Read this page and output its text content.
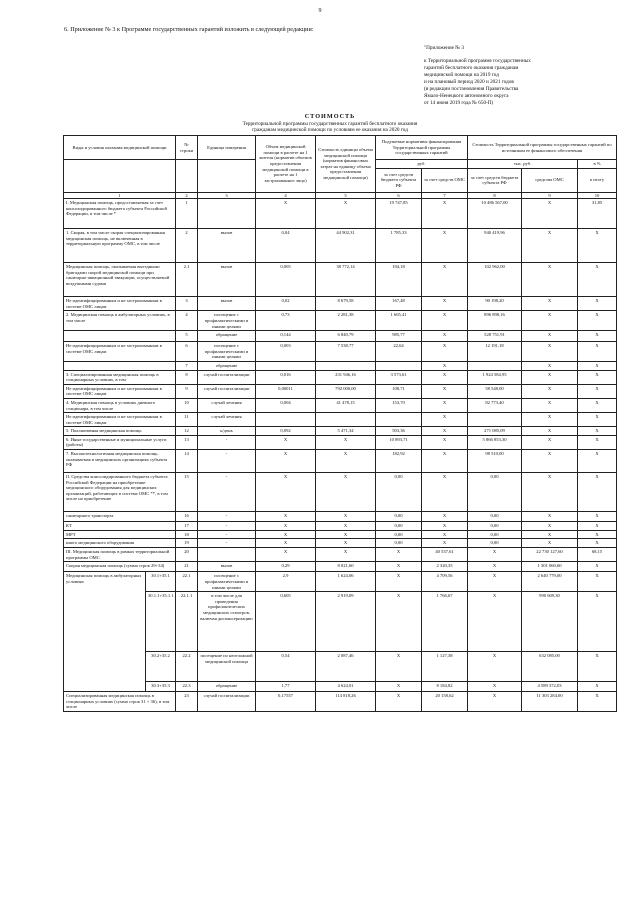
9
6. Приложение № 3 к Программе государственных гарантий изложить в следующей редакции:
"Приложение № 3
к Территориальной программе государственных
гарантий бесплатного оказания гражданам
медицинской помощи на 2019 год
и на плановый период 2020 и 2021 годов
(в редакции постановления Правительства
Ямало-Ненецкого автономного округа
от 14 июня 2019 года № 650-П)
СТОИМОСТЬ
Территориальной программы государственных гарантий бесплатного оказания
гражданам медицинской помощи по условиям ее оказания на 2020 год
Виды и условия оказания медицинской помощи		№ строки	Единица измерения	Объем медицинской помощи в расчете на 1 жителя (норматив объемов предоставления медицинской помощи в расчете на 1 застрахованное лицо)	Стоимость единицы объема медицинской помощи (норматив финансовых затрат на единицу объема предоставления медицинской помощи)	Подушевые нормативы финансирования Территориальной программы государственных гарантий		Стоимость Территориальной программы государственных гарантий по источникам ее финансового обеспечения		
						руб.		тыс. руб.		в %
						за счет средств бюджета субъекта РФ	за счет средств ОМС	за счет средств бюджета субъекта РФ	средства ОМС	к итогу
1		2	3	4	5	6	7	8	9	10
I. Медицинская помощь, предоставляемая за счет консолидированного бюджета субъекта Российской Федерации, в том числе *		1		Х	Х	19 747,85	Х	10 486 567,00	Х	31,85
1. Скорая, в том числе скорая специализированная медицинская помощь, не включенная в территориальную программу ОМС, в том числе		2	вызов	0,04	44 902,31	1 785,33	Х	940 419,96	Х	Х
Медицинская помощь, оказываемая выездными бригадами скорой медицинской помощи при санитарно-авиационной эвакуации, осуществляемой воздушными судами		2.1	вызов	0,005	38 772,14	194,18	Х	102 962,00	Х	Х
Не идентифицированным и не застрахованным в системе ОМС лицам		3	вызов	0,02	8 679,58	167,48	Х	90 198,20	Х	Х
2. Медицинская помощь в амбулаторных условиях, в том числе		4	посещение с профилактическими и иными целями	0,73	2 281,38	1 665,41	Х	896 898,16	Х	Х
		5	обращение	0,144	6 840,79	985,77	Х	528 751,91	Х	Х
Не идентифицированным и не застрахованным в системе ОМС лицам		6	посещение с профилактическими и иными целями	0,003	7 538,77	22,64	Х	12 191,18	Х	Х
		7	обращение				Х		Х	Х
3. Специализированная медицинская помощь в стационарных условиях, в том		8	случай госпитализации	0,016	231 946,16	3 573,61	Х	1 924 584,95	Х	Х
Не идентифицированным и не застрахованным в системе ОМС лицам		9	случай госпитализации	0,00011	792 000,00	108,71	Х	58 548,00	Х	Х
4. Медицинская помощь в условиях дневного стационара, в том числе		10	случай лечения	0,004	41 478,15	153,70	Х	82 773,40	Х	Х
Не идентифицированным и не застрахованным в системе ОМС лицам		11	случай лечения				Х		Х	Х
5. Паллиативная медицинская помощь		12	к/день	0,092	5 471,34	503,36	Х	271 085,09	Х	Х
6. Иные государственные и муниципальные услуги (работы)		13	-	Х	Х	10 893,71	Х	5 866 853,30	Х	Х
7. Высокотехнологичная медицинская помощь, оказываемая в медицинских организациях субъекта РФ		14	-	Х	Х	182,92	Х	98 510,00	Х	Х
II. Средства консолидированного бюджета субъекта Российской Федерации на приобретение медицинского оборудования для медицинских организаций, работающих в системе ОМС **, в том числе на приобретение		15	-	Х	Х	0,00	Х	0,00	Х	Х
санитарного транспорта		16	-	Х	Х	0,00	Х	0,00	Х	Х
КТ		17	-	Х	Х	0,00	Х	0,00	Х	Х
МРТ		18	-	Х	Х	0,00	Х	0,00	Х	Х
иного медицинского оборудования		19	-	Х	Х	0,00	Х	0,00	Х	Х
III. Медицинская помощь в рамках территориальной программы ОМС		20		Х	Х	Х	40 537,61	Х	22 730 127,60	68,15
Скорая медицинская помощь (сумма строк 29+34)		21	вызов	0,29	8 021,60	Х	2 320,35	Х	1 301 060,60	Х
Медицинская помощь в амбулаторных условиях	30.1+35.1	22.1	посещение с профилактическими и иными целями	2,9	1 624,06	Х	4 709,56	Х	2 640 779,00	Х
	30.1.1+35.1.1	22.1.1	в том числе для проведения профилактических медицинских осмотров, включая диспансеризацию	0,605	2 919,09	Х	1 766,67	Х	990 609,30	Х
	30.2+35.2	22.2	посещение по неотложной медицинской помощи	0,54	2 087,46	Х	1 127,38	Х	632 085,00	Х
	30.3+35.3	22.3	обращение	1,77	4 624,01	Х	8 184,82	Х	4 589 372,03	Х
Специализированная медицинская помощь в стационарных условиях (сумма строк 31 + 36), в том числе		23	случай госпитализации	0,17557	114 818,26	Х	20 158,62	Х	11 303 284,00	Х
